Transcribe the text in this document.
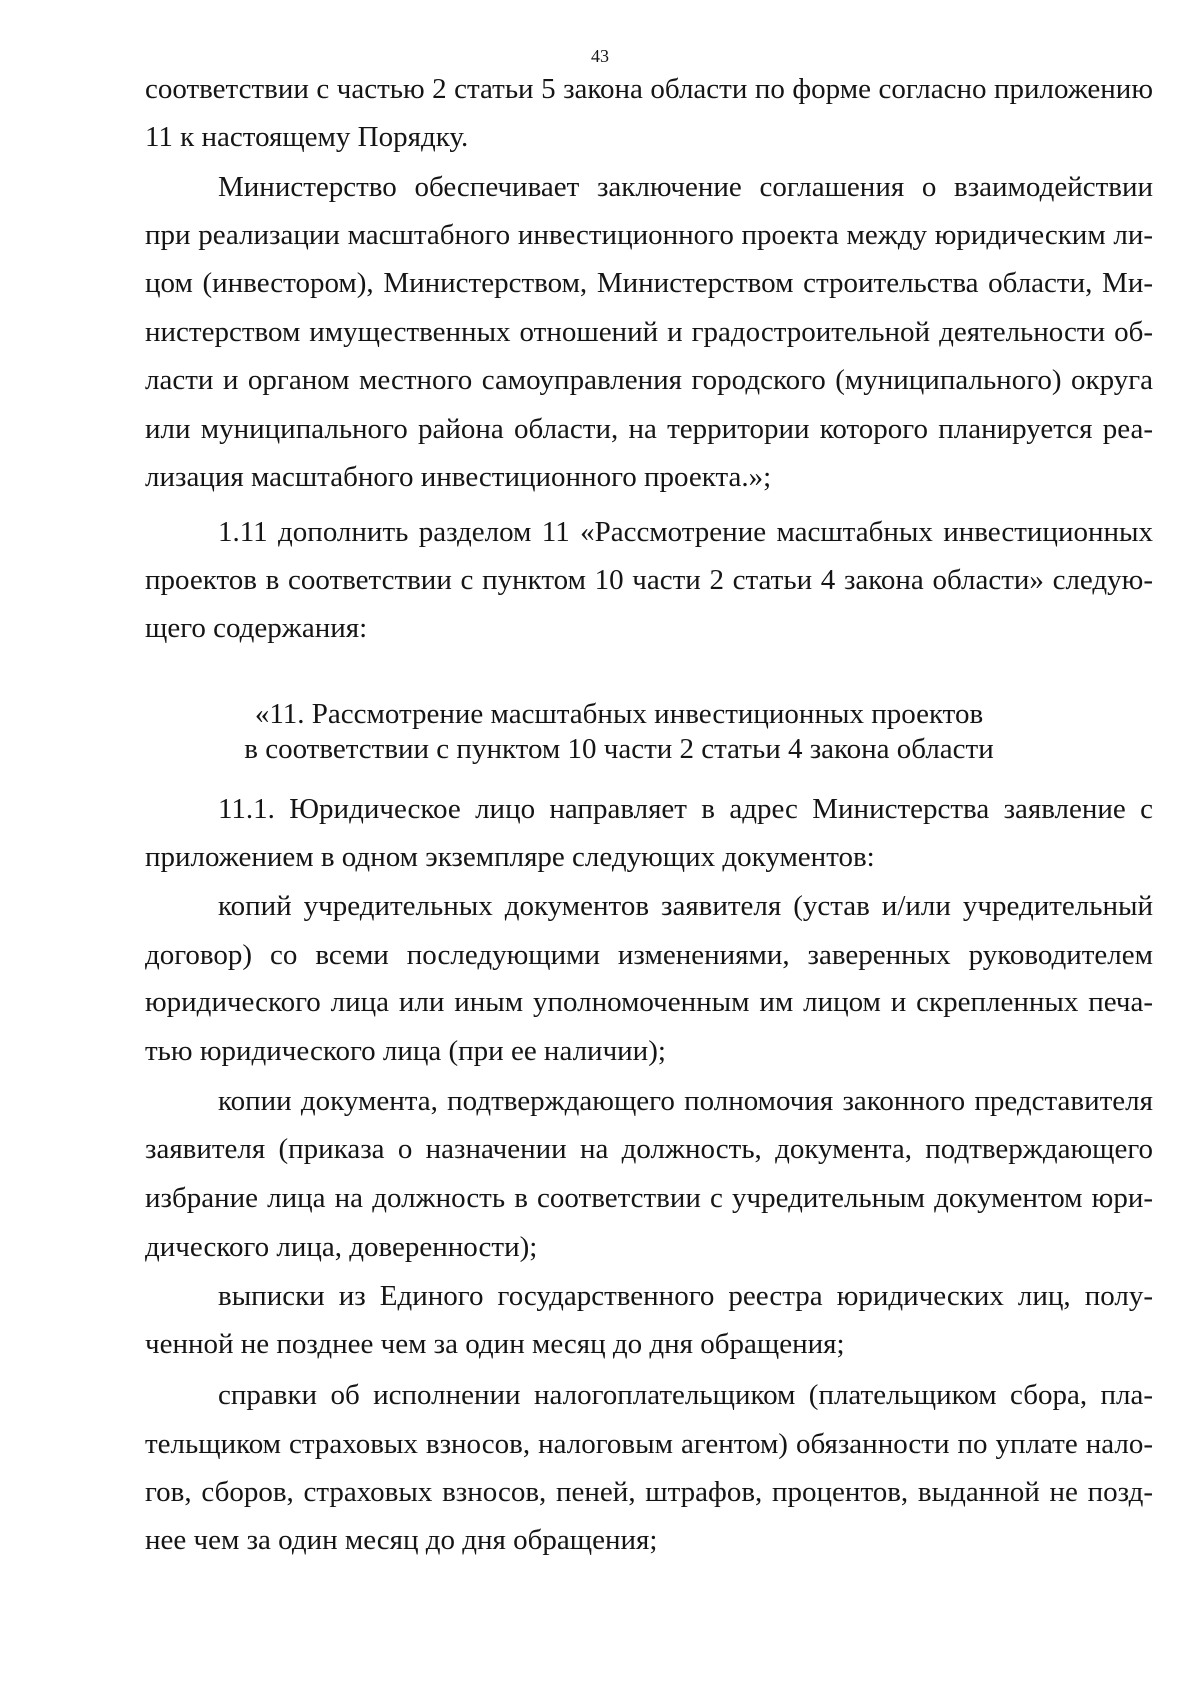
43
соответствии с частью 2 статьи 5 закона области по форме согласно приложению
11 к настоящему Порядку.
Министерство обеспечивает заключение соглашения о взаимодействии
при реализации масштабного инвестиционного проекта между юридическим ли-
цом (инвестором), Министерством, Министерством строительства области, Ми-
нистерством имущественных отношений и градостроительной деятельности об-
ласти и органом местного самоуправления городского (муниципального) округа
или муниципального района области, на территории которого планируется реа-
лизация масштабного инвестиционного проекта.»;
1.11 дополнить разделом 11 «Рассмотрение масштабных инвестиционных
проектов в соответствии с пунктом 10 части 2 статьи 4 закона области» следую-
щего содержания:
«11. Рассмотрение масштабных инвестиционных проектов
в соответствии с пунктом 10 части 2 статьи 4 закона области
11.1. Юридическое лицо направляет в адрес Министерства заявление с
приложением в одном экземпляре следующих документов:
копий учредительных документов заявителя (устав и/или учредительный
договор) со всеми последующими изменениями, заверенных руководителем
юридического лица или иным уполномоченным им лицом и скрепленных печа-
тью юридического лица (при ее наличии);
копии документа, подтверждающего полномочия законного представителя
заявителя (приказа о назначении на должность, документа, подтверждающего
избрание лица на должность в соответствии с учредительным документом юри-
дического лица, доверенности);
выписки из Единого государственного реестра юридических лиц, полу-
ченной не позднее чем за один месяц до дня обращения;
справки об исполнении налогоплательщиком (плательщиком сбора, пла-
тельщиком страховых взносов, налоговым агентом) обязанности по уплате нало-
гов, сборов, страховых взносов, пеней, штрафов, процентов, выданной не позд-
нее чем за один месяц до дня обращения;
